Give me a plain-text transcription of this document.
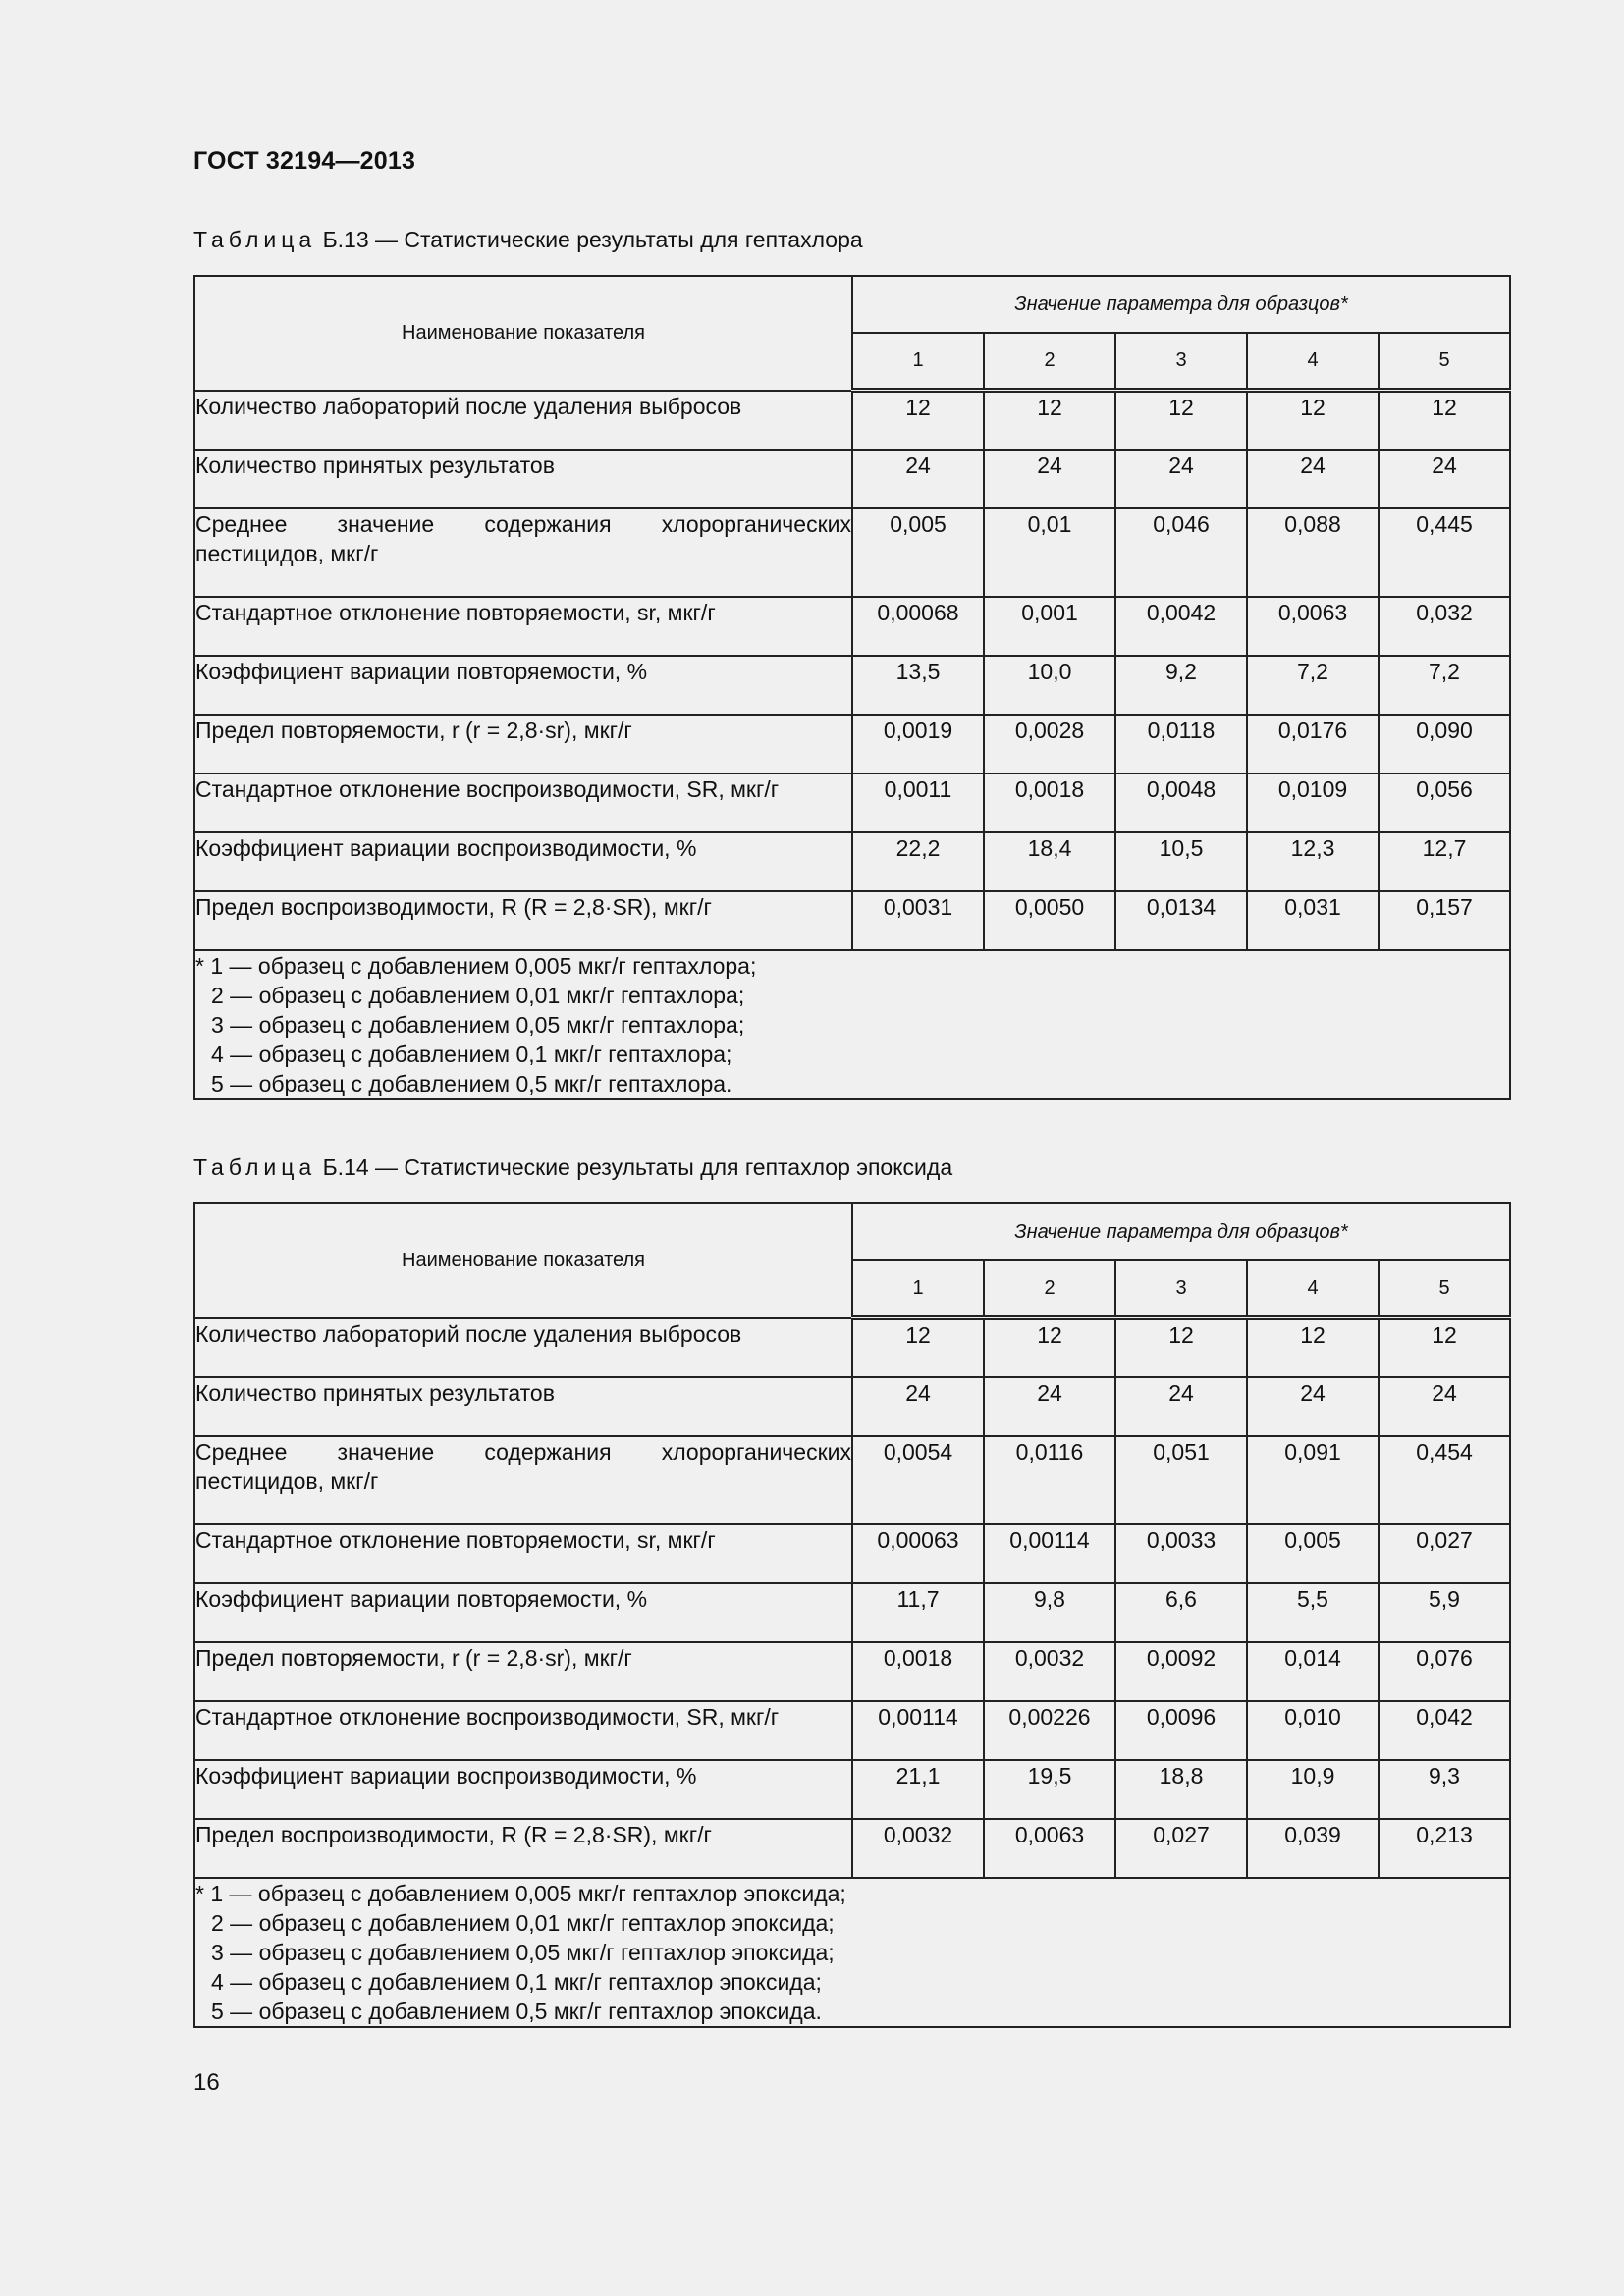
ГОСТ 32194—2013
Таблица Б.13 — Статистические результаты для гептахлора
Наименование показателя	Значение параметра для образцов*				
	1	2	3	4	5
Количество лабораторий после удаления выбросов	12	12	12	12	12
Количество принятых результатов	24	24	24	24	24
Среднее значение содержания хлорорганических пестицидов, мкг/г	0,005	0,01	0,046	0,088	0,445
Стандартное отклонение повторяемости, sr, мкг/г	0,00068	0,001	0,0042	0,0063	0,032
Коэффициент вариации повторяемости, %	13,5	10,0	9,2	7,2	7,2
Предел повторяемости, r (r = 2,8·sr), мкг/г	0,0019	0,0028	0,0118	0,0176	0,090
Стандартное отклонение воспроизводимости, SR, мкг/г	0,0011	0,0018	0,0048	0,0109	0,056
Коэффициент вариации воспроизводимости, %	22,2	18,4	10,5	12,3	12,7
Предел воспроизводимости, R (R = 2,8·SR), мкг/г	0,0031	0,0050	0,0134	0,031	0,157

* 1 — образец с добавлением 0,005 мкг/г гептахлора;
2 — образец с добавлением 0,01 мкг/г гептахлора;
3 — образец с добавлением 0,05 мкг/г гептахлора;
4 — образец с добавлением 0,1 мкг/г гептахлора;
5 — образец с добавлением 0,5 мкг/г гептахлора.					
Таблица Б.14 — Статистические результаты для гептахлор эпоксида
Наименование показателя	Значение параметра для образцов*				
	1	2	3	4	5
Количество лабораторий после удаления выбросов	12	12	12	12	12
Количество принятых результатов	24	24	24	24	24
Среднее значение содержания хлорорганических пестицидов, мкг/г	0,0054	0,0116	0,051	0,091	0,454
Стандартное отклонение повторяемости, sr, мкг/г	0,00063	0,00114	0,0033	0,005	0,027
Коэффициент вариации повторяемости, %	11,7	9,8	6,6	5,5	5,9
Предел повторяемости, r (r = 2,8·sr), мкг/г	0,0018	0,0032	0,0092	0,014	0,076
Стандартное отклонение воспроизводимости, SR, мкг/г	0,00114	0,00226	0,0096	0,010	0,042
Коэффициент вариации воспроизводимости, %	21,1	19,5	18,8	10,9	9,3
Предел воспроизводимости, R (R = 2,8·SR), мкг/г	0,0032	0,0063	0,027	0,039	0,213

* 1 — образец с добавлением 0,005 мкг/г гептахлор эпоксида;
2 — образец с добавлением 0,01 мкг/г гептахлор эпоксида;
3 — образец с добавлением 0,05 мкг/г гептахлор эпоксида;
4 — образец с добавлением 0,1 мкг/г гептахлор эпоксида;
5 — образец с добавлением 0,5 мкг/г гептахлор эпоксида.					
16
